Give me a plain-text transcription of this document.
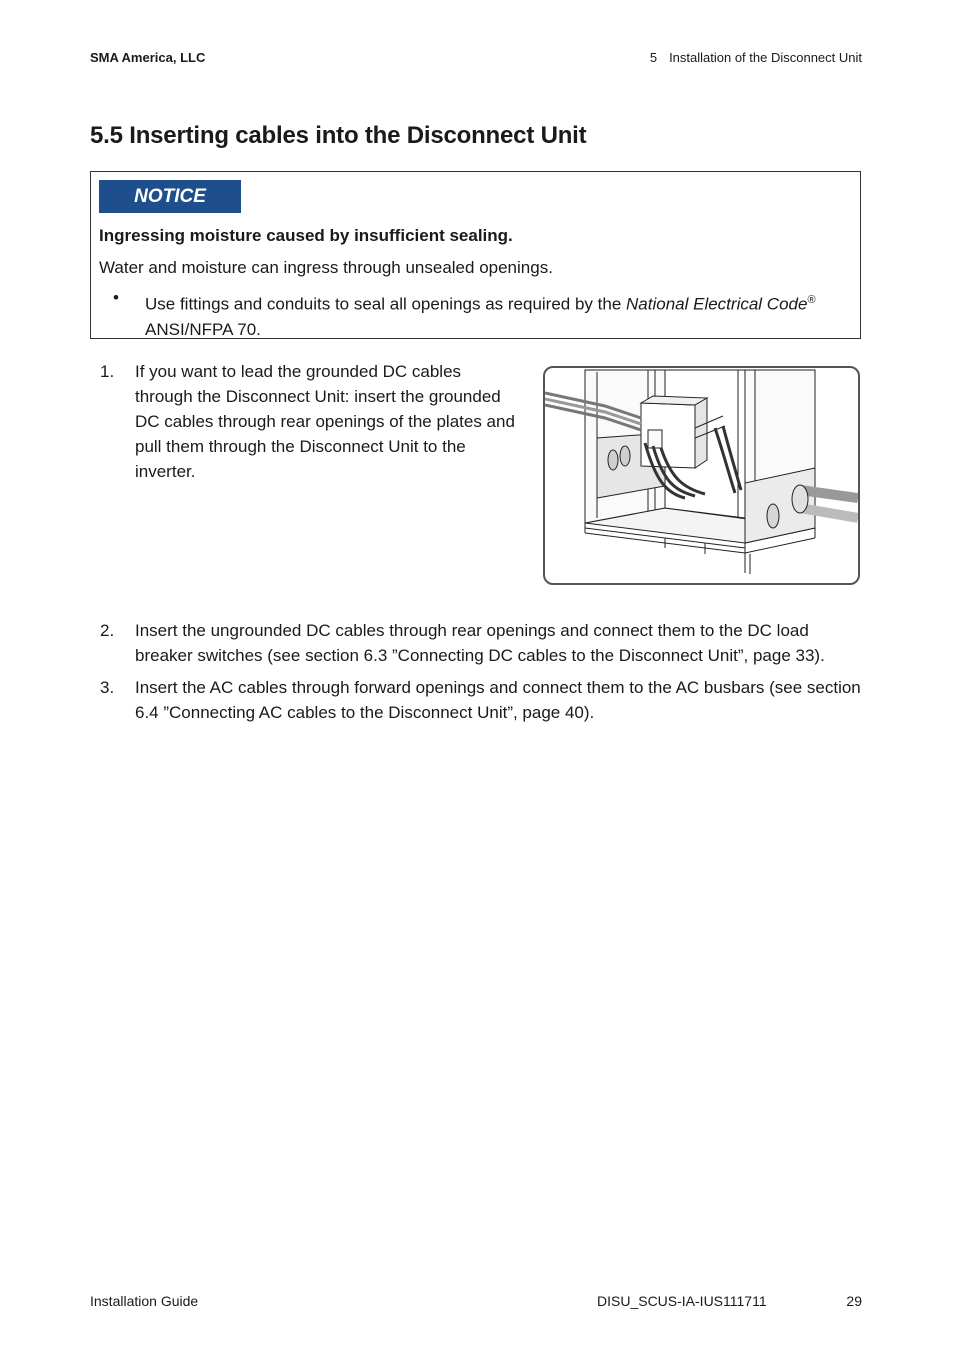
SMA America, LLC	5 Installation of the Disconnect Unit
5.5 Inserting cables into the Disconnect Unit
NOTICE
Ingressing moisture caused by insufficient sealing.
Water and moisture can ingress through unsealed openings.
• Use fittings and conduits to seal all openings as required by the National Electrical Code®
ANSI/NFPA 70.
1. If you want to lead the grounded DC cables
through the Disconnect Unit: insert the grounded
DC cables through rear openings of the plates and
pull them through the Disconnect Unit to the
inverter.
2. Insert the ungrounded DC cables through rear openings and connect them to the DC load
breaker switches (see section 6.3 ”Connecting DC cables to the Disconnect Unit”, page 33).
3. Insert the AC cables through forward openings and connect them to the AC busbars (see section
6.4 ”Connecting AC cables to the Disconnect Unit”, page 40).
Installation Guide	DISU_SCUS-IA-IUS111711	29
